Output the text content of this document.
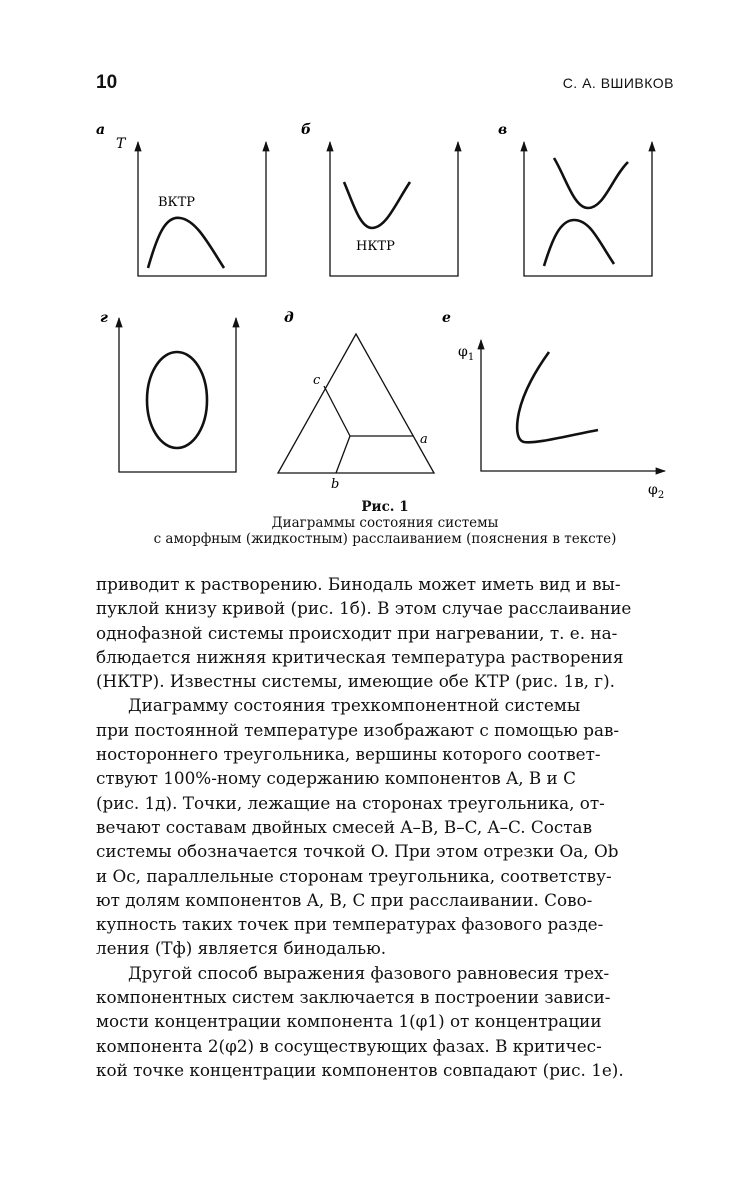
10	С. А. ВШИВКОВ
а
T
ВКТР
б
НКТР
в
г	д
c
a
b
е
$\varphi_1$
$\varphi_2$
Рис. 1
Диаграммы состояния системы
с аморфным (жидкостным) расслаиванием (пояснения в тексте)
приводит к растворению. Бинодаль может иметь вид и вы-
пуклой книзу кривой (рис. 1б). В этом случае расслаивание
однофазной системы происходит при нагревании, т. е. на-
блюдается нижняя критическая температура растворения
(НКТР). Известны системы, имеющие обе КТР (рис. 1в, г).
Диаграмму состояния трехкомпонентной системы
при постоянной температуре изображают с помощью рав-
ностороннего треугольника, вершины которого соответ-
ствуют 100%-ному содержанию компонентов A, B и C
(рис. 1д). Точки, лежащие на сторонах треугольника, от-
вечают составам двойных смесей A–B, B–C, A–C. Состав
системы обозначается точкой O. При этом отрезки Oa, Ob
и Oc, параллельные сторонам треугольника, соответству-
ют долям компонентов A, B, C при расслаивании. Сово-
купность таких точек при температурах фазового разде-
ления (Tф) является бинодалью.
Другой способ выражения фазового равновесия трех-
компонентных систем заключается в построении зависи-
мости концентрации компонента 1(φ1) от концентрации
компонента 2(φ2) в сосуществующих фазах. В критичес-
кой точке концентрации компонентов совпадают (рис. 1е).
